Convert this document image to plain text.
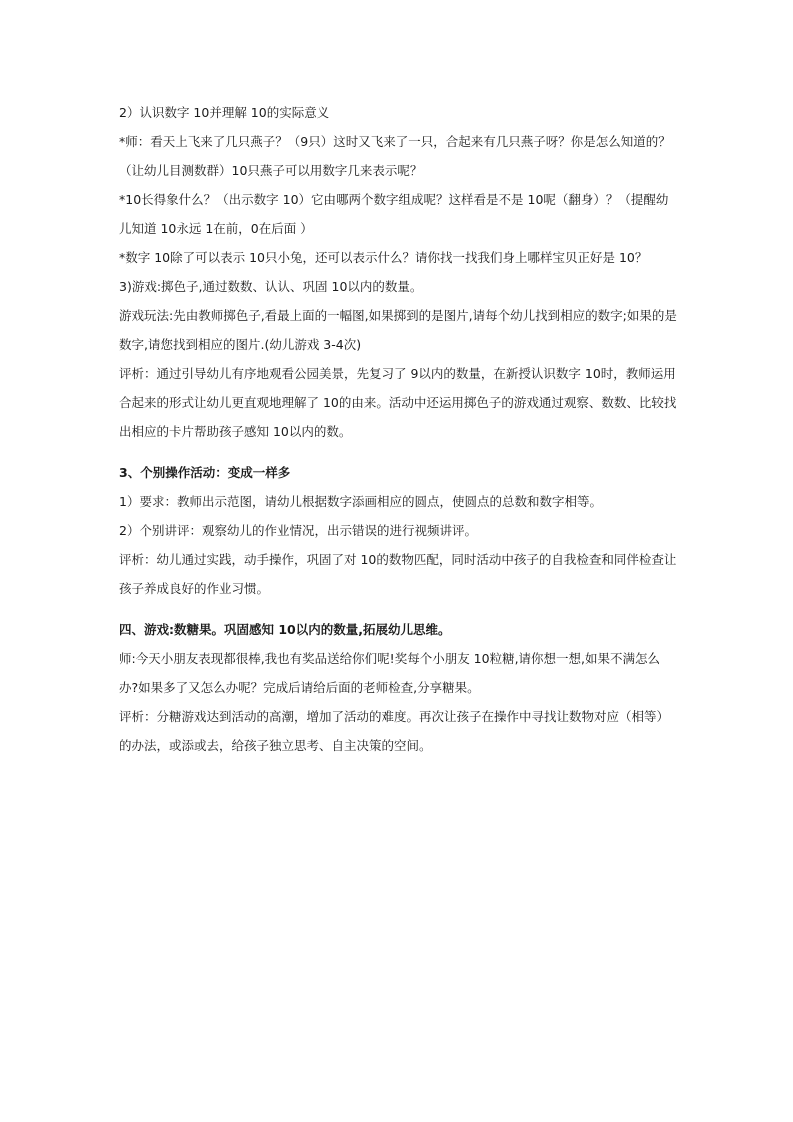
2）认识数字 10并理解 10的实际意义

*师：看天上飞来了几只燕子？（9只）这时又飞来了一只，合起来有几只燕子呀？你是怎么知道的？（让幼儿目测数群）10只燕子可以用数字几来表示呢？

*10长得象什么？（出示数字 10）它由哪两个数字组成呢？这样看是不是 10呢（翻身）？（提醒幼儿知道 10永远 1在前，0在后面 ）

*数字 10除了可以表示 10只小兔，还可以表示什么？请你找一找我们身上哪样宝贝正好是 10？

3)游戏:掷色子,通过数数、认认、巩固 10以内的数量。

游戏玩法:先由教师掷色子,看最上面的一幅图,如果掷到的是图片,请每个幼儿找到相应的数字;如果的是数字,请您找到相应的图片.(幼儿游戏 3-4次)

评析：通过引导幼儿有序地观看公园美景，先复习了 9以内的数量，在新授认识数字 10时，教师运用合起来的形式让幼儿更直观地理解了 10的由来。活动中还运用掷色子的游戏通过观察、数数、比较找出相应的卡片帮助孩子感知 10以内的数。

3、个别操作活动：变成一样多

1）要求：教师出示范图，请幼儿根据数字添画相应的圆点，使圆点的总数和数字相等。

2）个别讲评：观察幼儿的作业情况，出示错误的进行视频讲评。

评析：幼儿通过实践，动手操作，巩固了对 10的数物匹配，同时活动中孩子的自我检查和同伴检查让孩子养成良好的作业习惯。

四、游戏:数糖果。巩固感知 10以内的数量,拓展幼儿思维。

师:今天小朋友表现都很棒,我也有奖品送给你们呢!奖每个小朋友 10粒糖,请你想一想,如果不满怎么办?如果多了又怎么办呢？完成后请给后面的老师检查,分享糖果。

评析：分糖游戏达到活动的高潮，增加了活动的难度。再次让孩子在操作中寻找让数物对应（相等）的办法，或添或去，给孩子独立思考、自主决策的空间。
